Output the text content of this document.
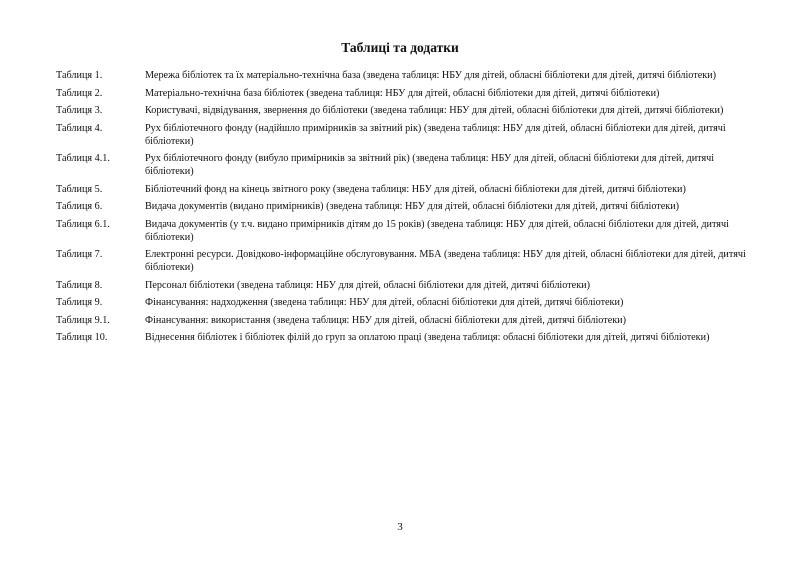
Таблиці та додатки
Таблиця 1.	Мережа бібліотек та їх матеріально-технічна база (зведена таблиця: НБУ для дітей, обласні бібліотеки для дітей, дитячі бібліотеки)
Таблиця 2.	Матеріально-технічна база бібліотек (зведена таблиця: НБУ для дітей, обласні бібліотеки для дітей, дитячі бібліотеки)
Таблиця 3.	Користувачі, відвідування, звернення до бібліотеки (зведена таблиця: НБУ для дітей, обласні бібліотеки для дітей, дитячі бібліотеки)
Таблиця 4.	Рух бібліотечного фонду (надійшло примірників за звітний рік) (зведена таблиця: НБУ для дітей, обласні бібліотеки для дітей, дитячі бібліотеки)
Таблиця 4.1.	Рух бібліотечного фонду (вибуло примірників за звітний рік) (зведена таблиця: НБУ для дітей, обласні бібліотеки для дітей, дитячі бібліотеки)
Таблиця 5.	Бібліотечний фонд на кінець звітного року (зведена таблиця: НБУ для дітей, обласні бібліотеки для дітей, дитячі бібліотеки)
Таблиця 6.	Видача документів (видано примірників) (зведена таблиця: НБУ для дітей, обласні бібліотеки для дітей, дитячі бібліотеки)
Таблиця 6.1.	Видача документів (у т.ч. видано примірників дітям до 15 років) (зведена таблиця: НБУ для дітей, обласні бібліотеки для дітей, дитячі бібліотеки)
Таблиця 7.	Електронні ресурси. Довідково-інформаційне обслуговування. МБА (зведена таблиця: НБУ для дітей, обласні бібліотеки для дітей, дитячі бібліотеки)
Таблиця 8.	Персонал бібліотеки (зведена таблиця: НБУ для дітей, обласні бібліотеки для дітей, дитячі бібліотеки)
Таблиця 9.	Фінансування: надходження (зведена таблиця: НБУ для дітей, обласні бібліотеки для дітей, дитячі бібліотеки)
Таблиця 9.1.	Фінансування: використання (зведена таблиця: НБУ для дітей, обласні бібліотеки для дітей, дитячі бібліотеки)
Таблиця 10.	Віднесення бібліотек і бібліотек філій до груп за оплатою праці (зведена таблиця: обласні бібліотеки для дітей, дитячі бібліотеки)
3
